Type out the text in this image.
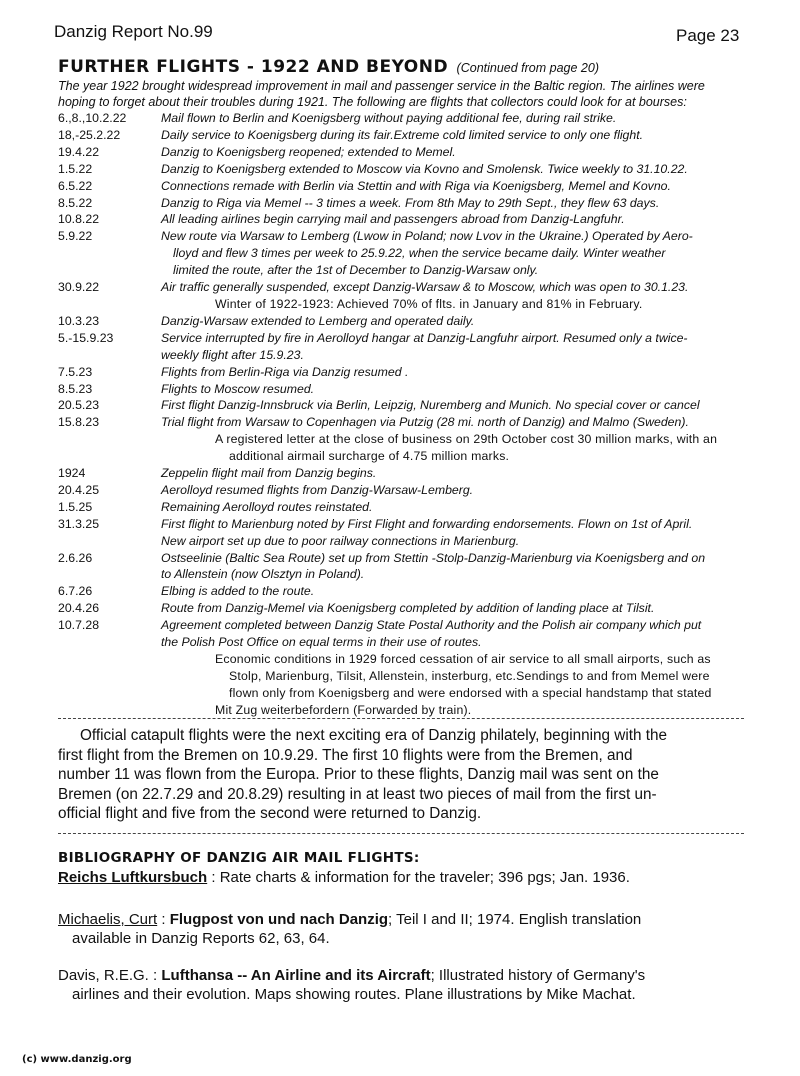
Danzig Report No.99	Page 23
FURTHER FLIGHTS - 1922 AND BEYOND (Continued from page 20)
The year 1922 brought widespread improvement in mail and passenger service in the Baltic region. The airlines were
hoping to forget about their troubles during 1921. The following are flights that collectors could look for at bourses:
6.,8.,10.2.22	Mail flown to Berlin and Koenigsberg without paying additional fee, during rail strike.
18,-25.2.22	Daily service to Koenigsberg during its fair.Extreme cold limited service to only one flight.
19.4.22	Danzig to Koenigsberg reopened; extended to Memel.
1.5.22	Danzig to Koenigsberg extended to Moscow via Kovno and Smolensk. Twice weekly to 31.10.22.
6.5.22	Connections remade with Berlin via Stettin and with Riga via Koenigsberg, Memel and Kovno.
8.5.22	Danzig to Riga via Memel -- 3 times a week. From 8th May to 29th Sept., they flew 63 days.
10.8.22	All leading airlines begin carrying mail and passengers abroad from Danzig-Langfuhr.
5.9.22	New route via Warsaw to Lemberg (Lwow in Poland; now Lvov in the Ukraine.) Operated by Aero-
lloyd and flew 3 times per week to 25.9.22, when the service became daily. Winter weather
limited the route, after the 1st of December to Danzig-Warsaw only.
30.9.22	Air traffic generally suspended, except Danzig-Warsaw & to Moscow, which was open to 30.1.23.
Winter of 1922-1923: Achieved 70% of flts. in January and 81% in February.
10.3.23	Danzig-Warsaw extended to Lemberg and operated daily.
5.-15.9.23	Service interrupted by fire in Aerolloyd hangar at Danzig-Langfuhr airport. Resumed only a twice-
weekly flight after 15.9.23.
7.5.23	Flights from Berlin-Riga via Danzig resumed .
8.5.23	Flights to Moscow resumed.
20.5.23	First flight Danzig-Innsbruck via Berlin, Leipzig, Nuremberg and Munich. No special cover or cancel
15.8.23	Trial flight from Warsaw to Copenhagen via Putzig (28 mi. north of Danzig) and Malmo (Sweden).
A registered letter at the close of business on 29th October cost 30 million marks, with an
additional airmail surcharge of 4.75 million marks.
1924	Zeppelin flight mail from Danzig begins.
20.4.25	Aerolloyd resumed flights from Danzig-Warsaw-Lemberg.
1.5.25	Remaining Aerolloyd routes reinstated.
31.3.25	First flight to Marienburg noted by First Flight and forwarding endorsements. Flown on 1st of April.
New airport set up due to poor railway connections in Marienburg.
2.6.26	Ostseelinie (Baltic Sea Route) set up from Stettin -Stolp-Danzig-Marienburg via Koenigsberg and on
to Allenstein (now Olsztyn in Poland).
6.7.26	Elbing is added to the route.
20.4.26	Route from Danzig-Memel via Koenigsberg completed by addition of landing place at Tilsit.
10.7.28	Agreement completed between Danzig State Postal Authority and the Polish air company which put
the Polish Post Office on equal terms in their use of routes.
Economic conditions in 1929 forced cessation of air service to all small airports, such as
Stolp, Marienburg, Tilsit, Allenstein, insterburg, etc.Sendings to and from Memel were
flown only from Koenigsberg and were endorsed with a special handstamp that stated
Mit Zug weiterbefordern (Forwarded by train).
Official catapult flights were the next exciting era of Danzig philately, beginning with the
first flight from the Bremen on 10.9.29. The first 10 flights were from the Bremen, and
number 11 was flown from the Europa. Prior to these flights, Danzig mail was sent on the
Bremen (on 22.7.29 and 20.8.29) resulting in at least two pieces of mail from the first un-
official flight and five from the second were returned to Danzig.
BIBLIOGRAPHY OF DANZIG AIR MAIL FLIGHTS:
Reichs Luftkursbuch : Rate charts & information for the traveler; 396 pgs; Jan. 1936.
Michaelis, Curt : Flugpost von und nach Danzig; Teil I and II; 1974. English translation
available in Danzig Reports 62, 63, 64.
Davis, R.E.G. : Lufthansa -- An Airline and its Aircraft; Illustrated history of Germany's
airlines and their evolution. Maps showing routes. Plane illustrations by Mike Machat.
(c) www.danzig.org
